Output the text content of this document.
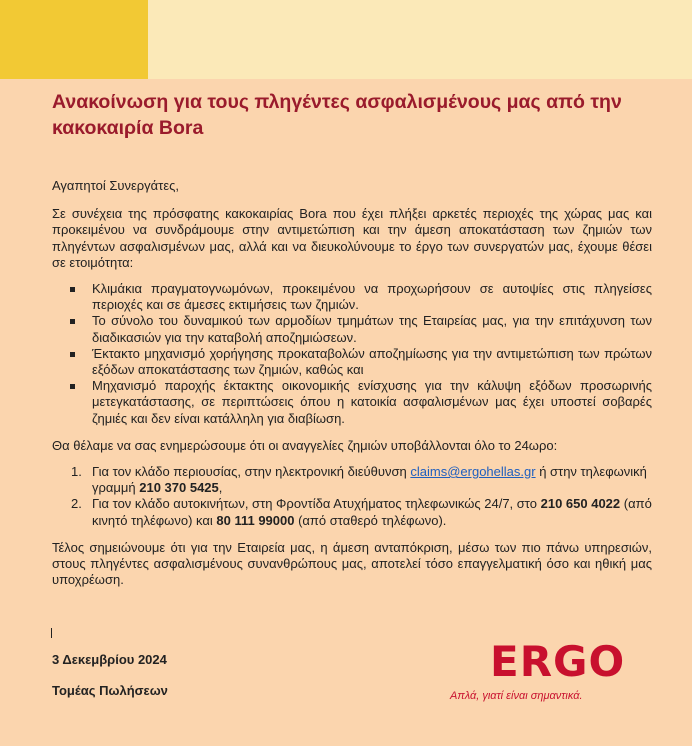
Ανακοίνωση για τους πληγέντες ασφαλισμένους μας από την κακοκαιρία Bora

Αγαπητοί Συνεργάτες,

Σε συνέχεια της πρόσφατης κακοκαιρίας Bora που έχει πλήξει αρκετές περιοχές της χώρας μας και προκειμένου να συνδράμουμε στην αντιμετώπιση και την άμεση αποκατάσταση των ζημιών των πληγέντων ασφαλισμένων μας, αλλά και να διευκολύνουμε το έργο των συνεργατών μας, έχουμε θέσει σε ετοιμότητα:

Κλιμάκια πραγματογνωμόνων, προκειμένου να προχωρήσουν σε αυτοψίες στις πληγείσες περιοχές και σε άμεσες εκτιμήσεις των ζημιών.
Το σύνολο του δυναμικού των αρμοδίων τμημάτων της Εταιρείας μας, για την επιτάχυνση των διαδικασιών για την καταβολή αποζημιώσεων.
Έκτακτο μηχανισμό χορήγησης προκαταβολών αποζημίωσης για την αντιμετώπιση των πρώτων εξόδων αποκατάστασης των ζημιών, καθώς και
Μηχανισμό παροχής έκτακτης οικονομικής ενίσχυσης για την κάλυψη εξόδων προσωρινής μετεγκατάστασης, σε περιπτώσεις όπου η κατοικία ασφαλισμένων μας έχει υποστεί σοβαρές ζημιές και δεν είναι κατάλληλη για διαβίωση.

Θα θέλαμε να σας ενημερώσουμε ότι οι αναγγελίες ζημιών υποβάλλονται όλο το 24ωρο:

1. Για τον κλάδο περιουσίας, στην ηλεκτρονική διεύθυνση claims@ergohellas.gr ή στην τηλεφωνική γραμμή 210 370 5425,
2. Για τον κλάδο αυτοκινήτων, στη Φροντίδα Ατυχήματος τηλεφωνικώς 24/7, στο 210 650 4022 (από κινητό τηλέφωνο) και 80 111 99000 (από σταθερό τηλέφωνο).

Τέλος σημειώνουμε ότι για την Εταιρεία μας, η άμεση ανταπόκριση, μέσω των πιο πάνω υπηρεσιών, στους πληγέντες ασφαλισμένους συνανθρώπους μας, αποτελεί τόσο επαγγελματική όσο και ηθική μας υποχρέωση.

3 Δεκεμβρίου 2024
Τομέας Πωλήσεων
ERGO
Απλά, γιατί είναι σημαντικά.
